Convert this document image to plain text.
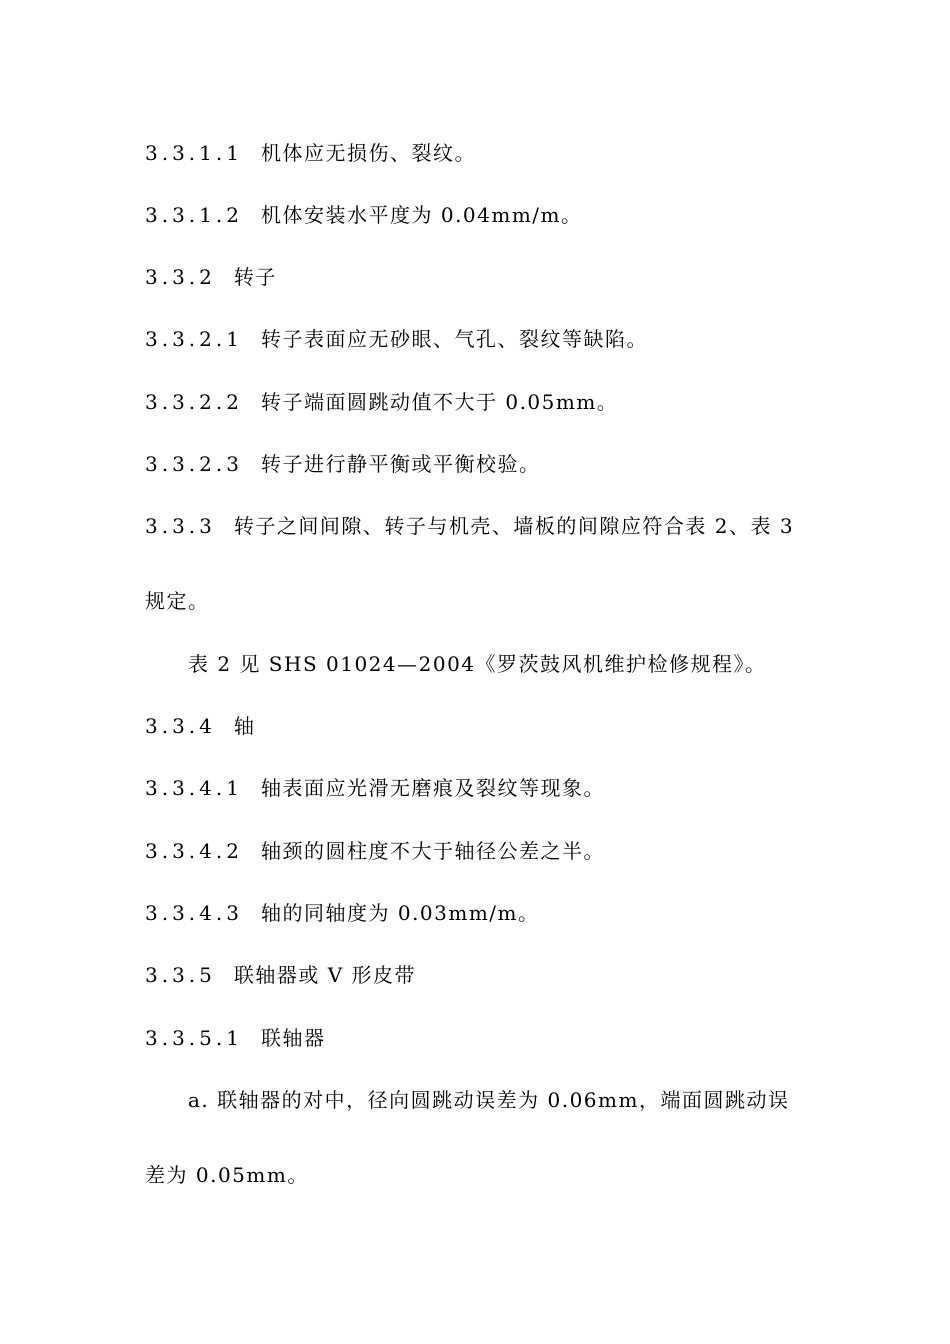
3.3.1.1 机体应无损伤、裂纹。
3.3.1.2 机体安装水平度为 0.04mm/m。
3.3.2 转子
3.3.2.1 转子表面应无砂眼、气孔、裂纹等缺陷。
3.3.2.2 转子端面圆跳动值不大于 0.05mm。
3.3.2.3 转子进行静平衡或平衡校验。
3.3.3 转子之间间隙、转子与机壳、墙板的间隙应符合表 2、表 3
规定。
表 2 见 SHS 01024—2004《罗茨鼓风机维护检修规程》。
3.3.4 轴
3.3.4.1 轴表面应光滑无磨痕及裂纹等现象。
3.3.4.2 轴颈的圆柱度不大于轴径公差之半。
3.3.4.3 轴的同轴度为 0.03mm/m。
3.3.5 联轴器或 V 形皮带
3.3.5.1 联轴器
a. 联轴器的对中，径向圆跳动误差为 0.06mm，端面圆跳动误
差为 0.05mm。
